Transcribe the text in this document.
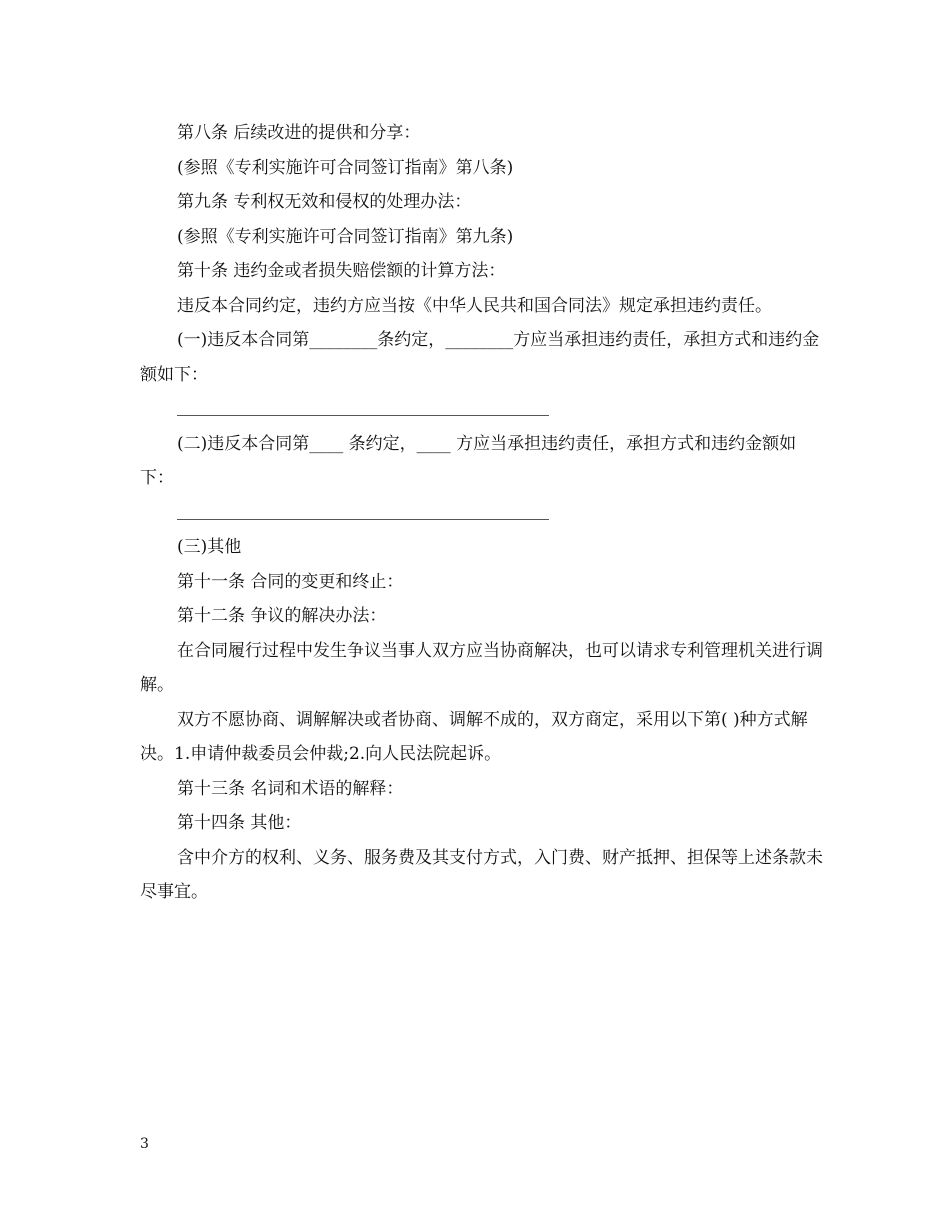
第八条 后续改进的提供和分享：

(参照《专利实施许可合同签订指南》第八条)

第九条 专利权无效和侵权的处理办法：

(参照《专利实施许可合同签订指南》第九条)

第十条 违约金或者损失赔偿额的计算方法：

违反本合同约定，违约方应当按《中华人民共和国合同法》规定承担违约责任。

(一)违反本合同第________条约定，________方应当承担违约责任，承担方式和违约金额如下：

(二)违反本合同第____ 条约定，____ 方应当承担违约责任，承担方式和违约金额如下：

(三)其他

第十一条 合同的变更和终止：

第十二条 争议的解决办法：

在合同履行过程中发生争议当事人双方应当协商解决，也可以请求专利管理机关进行调解。

双方不愿协商、调解解决或者协商、调解不成的，双方商定，采用以下第( )种方式解决。1.申请仲裁委员会仲裁;2.向人民法院起诉。

第十三条 名词和术语的解释：

第十四条 其他：

含中介方的权利、义务、服务费及其支付方式，入门费、财产抵押、担保等上述条款未尽事宜。

3
